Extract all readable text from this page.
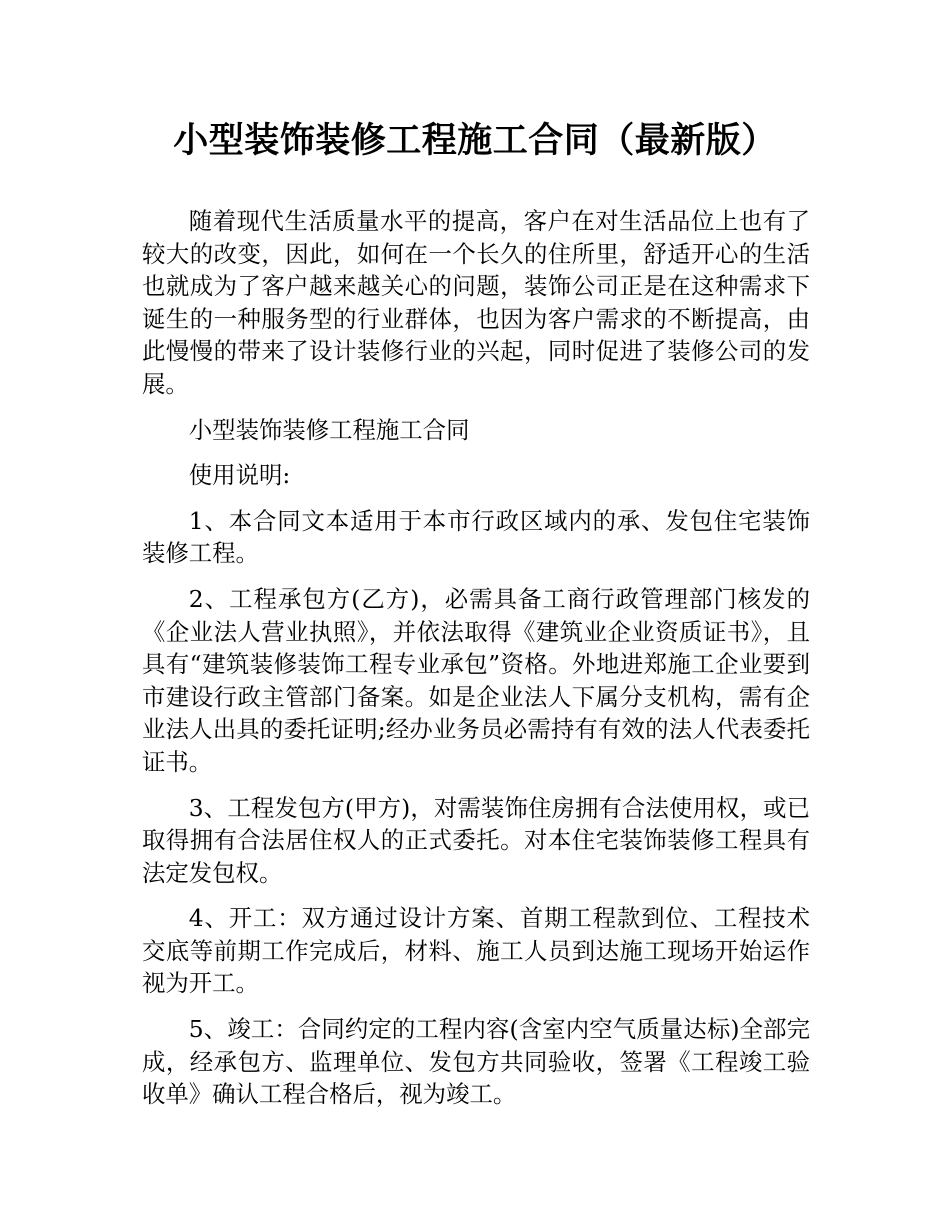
小型装饰装修工程施工合同（最新版）

随着现代生活质量水平的提高，客户在对生活品位上也有了较大的改变，因此，如何在一个长久的住所里，舒适开心的生活也就成为了客户越来越关心的问题，装饰公司正是在这种需求下诞生的一种服务型的行业群体，也因为客户需求的不断提高，由此慢慢的带来了设计装修行业的兴起，同时促进了装修公司的发展。

小型装饰装修工程施工合同

使用说明:

1、本合同文本适用于本市行政区域内的承、发包住宅装饰装修工程。

2、工程承包方(乙方)，必需具备工商行政管理部门核发的《企业法人营业执照》，并依法取得《建筑业企业资质证书》，且具有“建筑装修装饰工程专业承包”资格。外地进郑施工企业要到市建设行政主管部门备案。如是企业法人下属分支机构，需有企业法人出具的委托证明;经办业务员必需持有有效的法人代表委托证书。

3、工程发包方(甲方)，对需装饰住房拥有合法使用权，或已取得拥有合法居住权人的正式委托。对本住宅装饰装修工程具有法定发包权。

4、开工：双方通过设计方案、首期工程款到位、工程技术交底等前期工作完成后，材料、施工人员到达施工现场开始运作视为开工。

5、竣工：合同约定的工程内容(含室内空气质量达标)全部完成，经承包方、监理单位、发包方共同验收，签署《工程竣工验收单》确认工程合格后，视为竣工。
